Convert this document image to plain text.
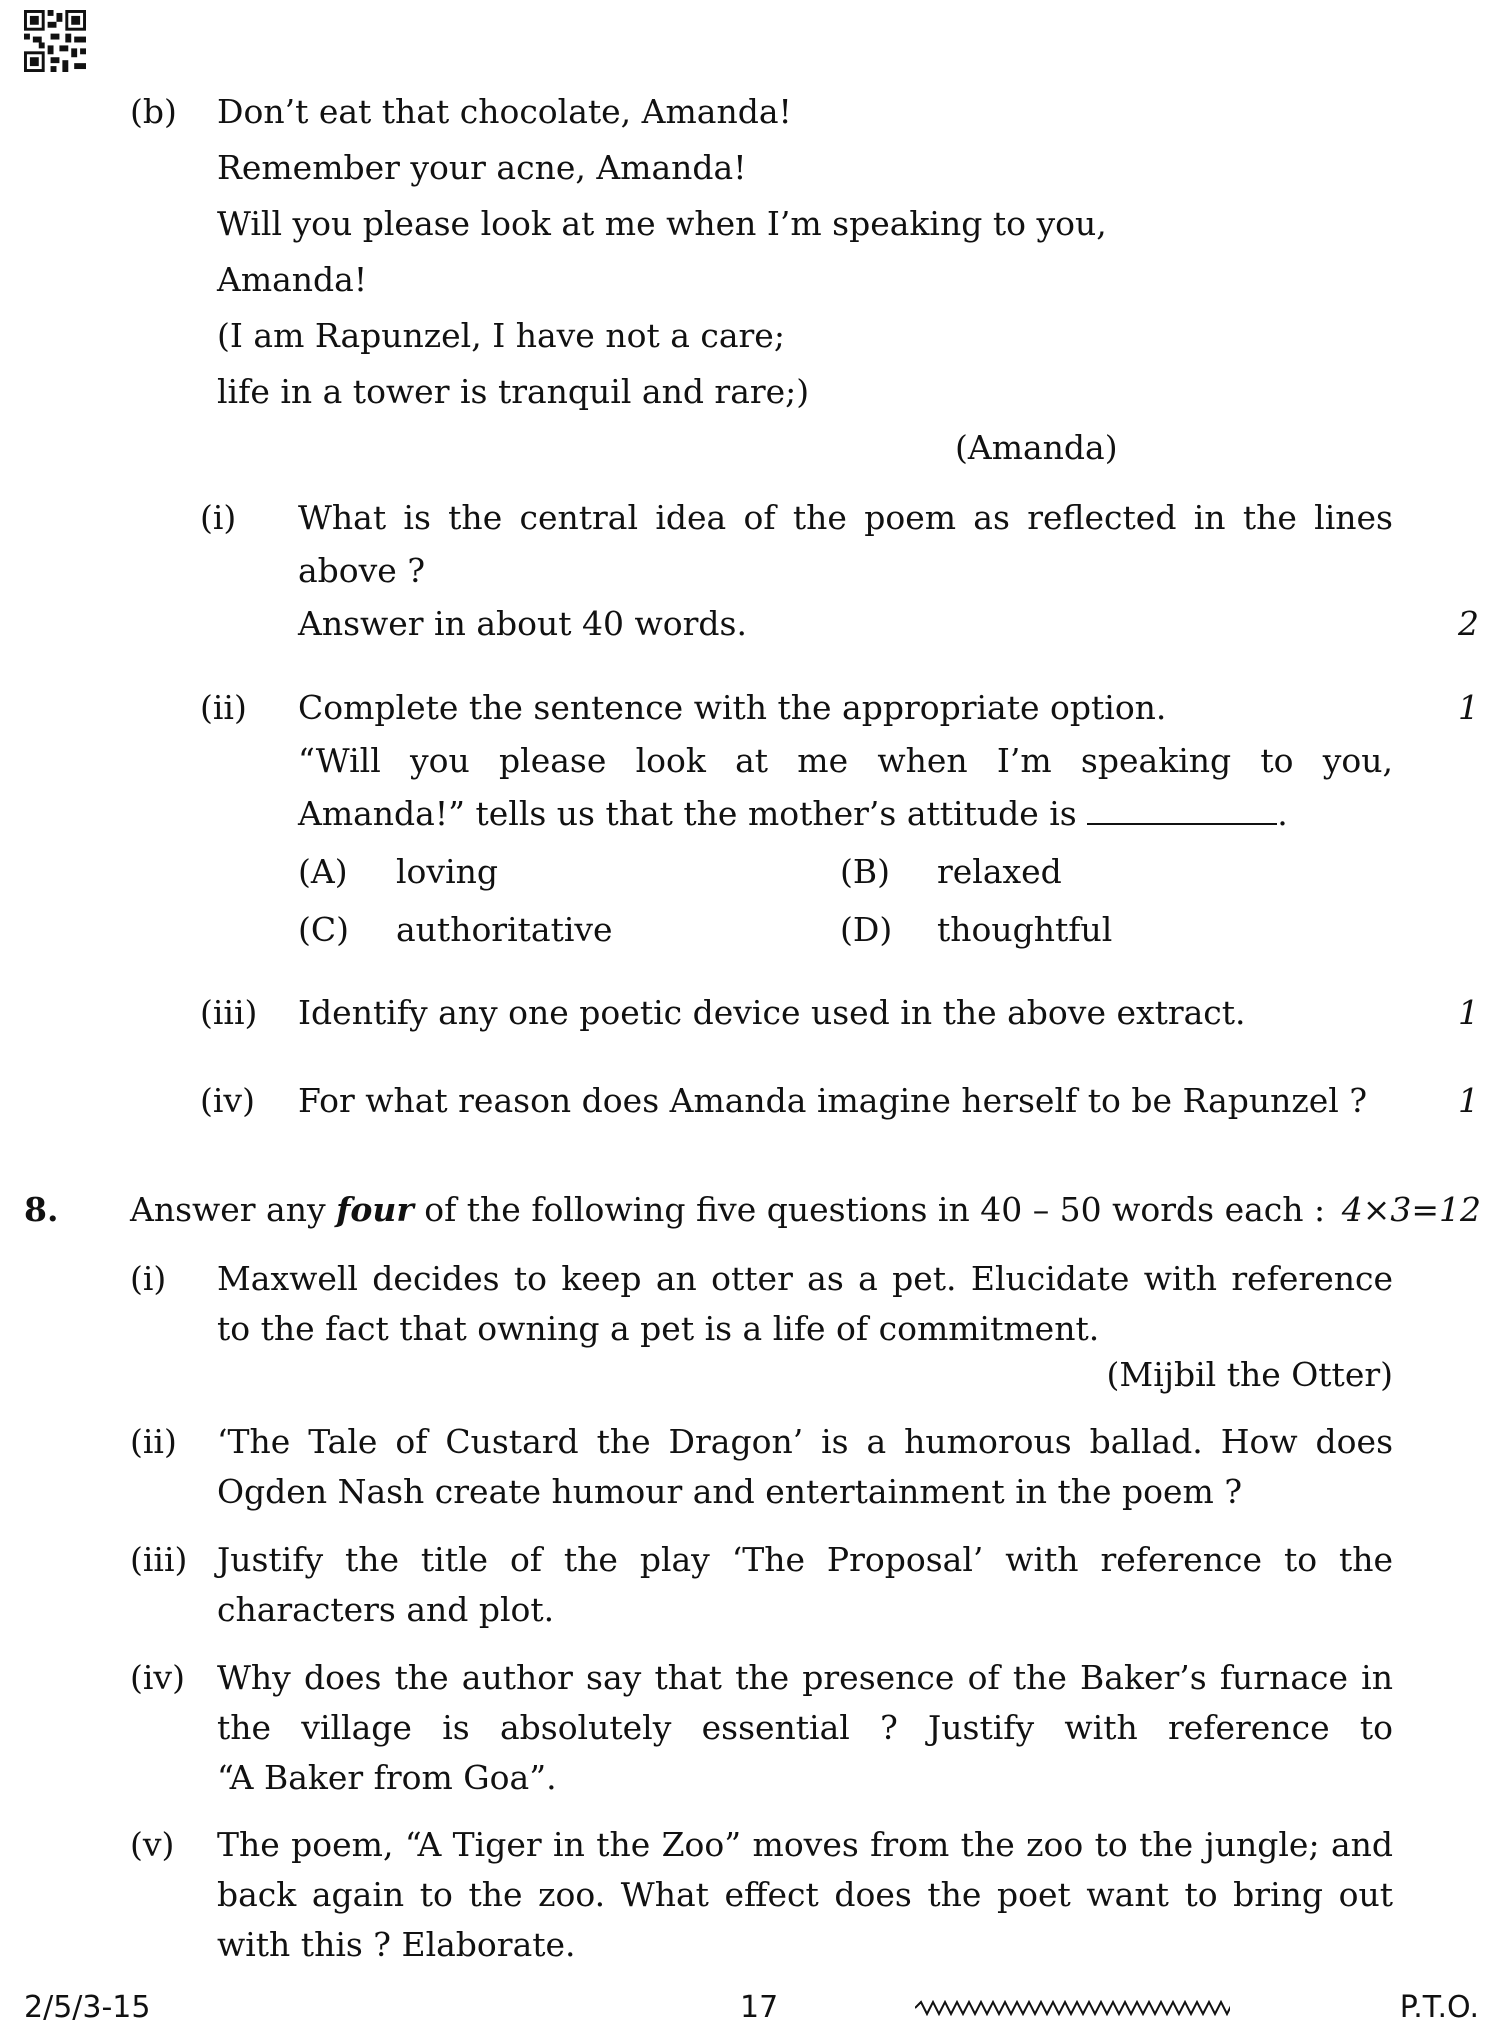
(b) Don’t eat that chocolate, Amanda!
Remember your acne, Amanda!
Will you please look at me when I’m speaking to you,
Amanda!
(I am Rapunzel, I have not a care;
life in a tower is tranquil and rare;)
(Amanda)
(i) What is the central idea of the poem as reflected in the lines
above ?
Answer in about 40 words.	2
(ii) Complete the sentence with the appropriate option.	1
“Will you please look at me when I’m speaking to you,
Amanda!” tells us that the mother’s attitude is	.
(A) loving	(B) relaxed
(C) authoritative	(D) thoughtful
(iii) Identify any one poetic device used in the above extract.	1
(iv) For what reason does Amanda imagine herself to be Rapunzel ?	1
8. Answer any four of the following five questions in 40 – 50 words each : 4×3=12
(i) Maxwell decides to keep an otter as a pet. Elucidate with reference
to the fact that owning a pet is a life of commitment.
(Mijbil the Otter)
(ii) ‘The Tale of Custard the Dragon’ is a humorous ballad. How does
Ogden Nash create humour and entertainment in the poem ?
(iii) Justify the title of the play ‘The Proposal’ with reference to the
characters and plot.
(iv) Why does the author say that the presence of the Baker’s furnace in
the village is absolutely essential ? Justify with reference to
“A Baker from Goa”.
(v) The poem, “A Tiger in the Zoo” moves from the zoo to the jungle; and
back again to the zoo. What effect does the poet want to bring out
with this ? Elaborate.
2/5/3-15	17	P.T.O.
